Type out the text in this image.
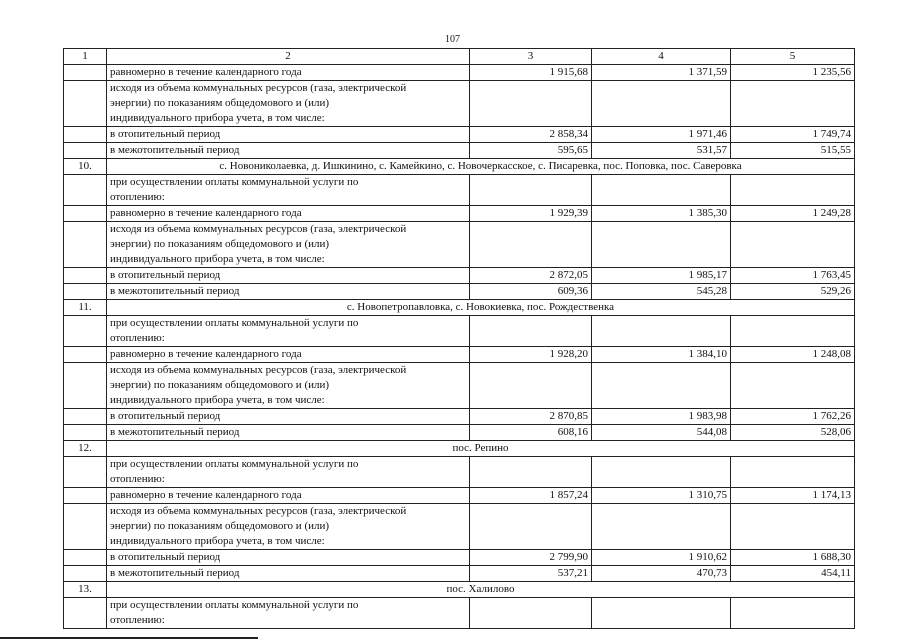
107
1	2	3	4	5

	равномерно в течение календарного года	1 915,68	1 371,59	1 235,56

	исходя из объема коммунальных ресурсов (газа, электрической
энергии) по показаниям общедомового и (или)
индивидуального прибора учета, в том числе:			

	в отопительный период	2 858,34	1 971,46	1 749,74

	в межотопительный период	595,65	531,57	515,55
10.	с. Новониколаевка, д. Ишкинино, с. Камейкино, с. Новочеркасское, с. Писаревка, пос. Поповка, пос. Саверовка			

	при осуществлении оплаты коммунальной услуги по
отоплению:			

	равномерно в течение календарного года	1 929,39	1 385,30	1 249,28

	исходя из объема коммунальных ресурсов (газа, электрической
энергии) по показаниям общедомового и (или)
индивидуального прибора учета, в том числе:			

	в отопительный период	2 872,05	1 985,17	1 763,45

	в межотопительный период	609,36	545,28	529,26
11.	с. Новопетропавловка, с. Новокиевка, пос. Рождественка			

	при осуществлении оплаты коммунальной услуги по
отоплению:			

	равномерно в течение календарного года	1 928,20	1 384,10	1 248,08

	исходя из объема коммунальных ресурсов (газа, электрической
энергии) по показаниям общедомового и (или)
индивидуального прибора учета, в том числе:			

	в отопительный период	2 870,85	1 983,98	1 762,26

	в межотопительный период	608,16	544,08	528,06
12.	пос. Репино			

	при осуществлении оплаты коммунальной услуги по
отоплению:			

	равномерно в течение календарного года	1 857,24	1 310,75	1 174,13

	исходя из объема коммунальных ресурсов (газа, электрической
энергии) по показаниям общедомового и (или)
индивидуального прибора учета, в том числе:			

	в отопительный период	2 799,90	1 910,62	1 688,30

	в межотопительный период	537,21	470,73	454,11
13.	пос. Халилово			

	при осуществлении оплаты коммунальной услуги по
отоплению:			
